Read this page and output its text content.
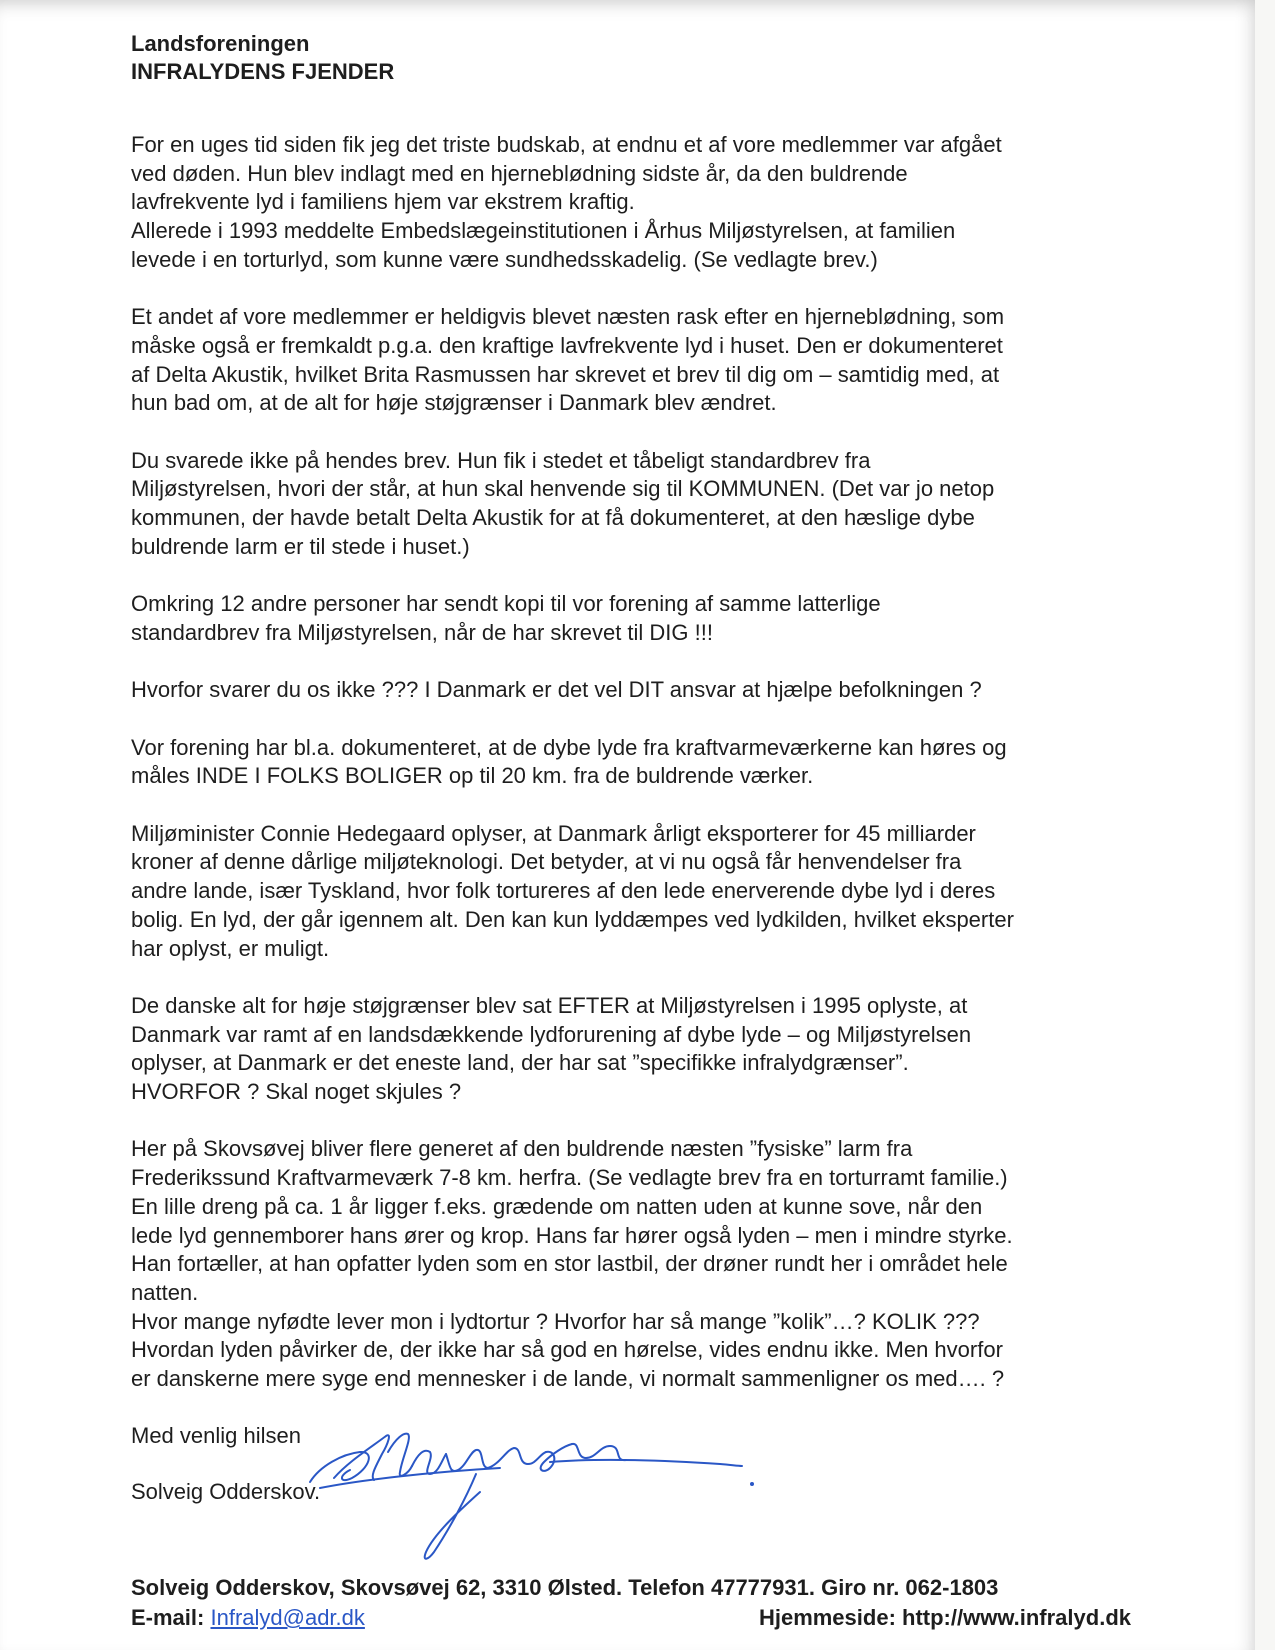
Landsforeningen
INFRALYDENS FJENDER
For en uges tid siden fik jeg det triste budskab, at endnu et af vore medlemmer var afgået
ved døden. Hun blev indlagt med en hjerneblødning sidste år, da den buldrende
lavfrekvente lyd i familiens hjem var ekstrem kraftig.
Allerede i 1993 meddelte Embedslægeinstitutionen i Århus Miljøstyrelsen, at familien
levede i en torturlyd, som kunne være sundhedsskadelig. (Se vedlagte brev.)
Et andet af vore medlemmer er heldigvis blevet næsten rask efter en hjerneblødning, som
måske også er fremkaldt p.g.a. den kraftige lavfrekvente lyd i huset. Den er dokumenteret
af Delta Akustik, hvilket Brita Rasmussen har skrevet et brev til dig om – samtidig med, at
hun bad om, at de alt for høje støjgrænser i Danmark blev ændret.
Du svarede ikke på hendes brev. Hun fik i stedet et tåbeligt standardbrev fra
Miljøstyrelsen, hvori der står, at hun skal henvende sig til KOMMUNEN. (Det var jo netop
kommunen, der havde betalt Delta Akustik for at få dokumenteret, at den hæslige dybe
buldrende larm er til stede i huset.)
Omkring 12 andre personer har sendt kopi til vor forening af samme latterlige
standardbrev fra Miljøstyrelsen, når de har skrevet til DIG !!!
Hvorfor svarer du os ikke ??? I Danmark er det vel DIT ansvar at hjælpe befolkningen ?
Vor forening har bl.a. dokumenteret, at de dybe lyde fra kraftvarmeværkerne kan høres og
måles INDE I FOLKS BOLIGER op til 20 km. fra de buldrende værker.
Miljøminister Connie Hedegaard oplyser, at Danmark årligt eksporterer for 45 milliarder
kroner af denne dårlige miljøteknologi. Det betyder, at vi nu også får henvendelser fra
andre lande, især Tyskland, hvor folk tortureres af den lede enerverende dybe lyd i deres
bolig. En lyd, der går igennem alt. Den kan kun lyddæmpes ved lydkilden, hvilket eksperter
har oplyst, er muligt.
De danske alt for høje støjgrænser blev sat EFTER at Miljøstyrelsen i 1995 oplyste, at
Danmark var ramt af en landsdækkende lydforurening af dybe lyde – og Miljøstyrelsen
oplyser, at Danmark er det eneste land, der har sat ”specifikke infralydgrænser”.
HVORFOR ? Skal noget skjules ?
Her på Skovsøvej bliver flere generet af den buldrende næsten ”fysiske” larm fra
Frederikssund Kraftvarmeværk 7-8 km. herfra. (Se vedlagte brev fra en torturramt familie.)
En lille dreng på ca. 1 år ligger f.eks. grædende om natten uden at kunne sove, når den
lede lyd gennemborer hans ører og krop. Hans far hører også lyden – men i mindre styrke.
Han fortæller, at han opfatter lyden som en stor lastbil, der drøner rundt her i området hele
natten.
Hvor mange nyfødte lever mon i lydtortur ? Hvorfor har så mange ”kolik”…? KOLIK ???
Hvordan lyden påvirker de, der ikke har så god en hørelse, vides endnu ikke. Men hvorfor
er danskerne mere syge end mennesker i de lande, vi normalt sammenligner os med…. ?
Med venlig hilsen
Solveig Odderskov.
Solveig Odderskov, Skovsøvej 62, 3310 Ølsted. Telefon 47777931. Giro nr. 062-1803
E-mail: Infralyd@adr.dk	Hjemmeside: http://www.infralyd.dk
